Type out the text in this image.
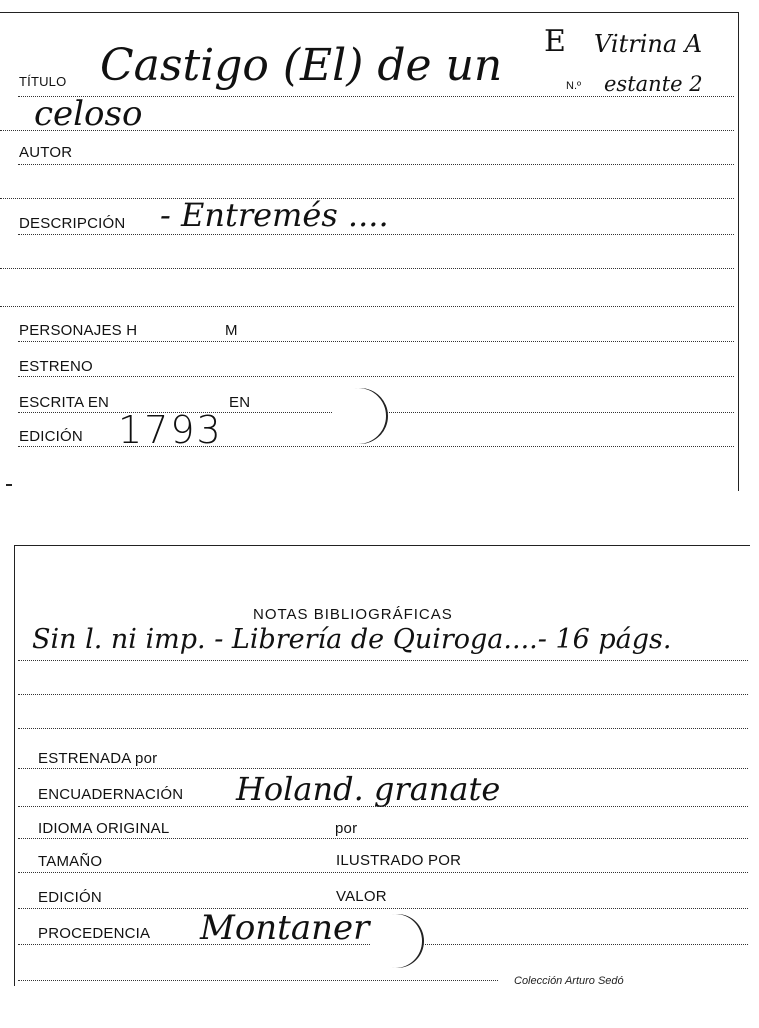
TÍTULO Castigo (El) de un	N.º
E Vitrina A
estante 2
celoso
AUTOR
DESCRIPCIÓN - Entremés ....
PERSONAJES H	M
ESTRENO
ESCRITA EN	EN
EDICIÓN 1793
NOTAS BIBLIOGRÁFICAS
Sin l. ni imp. - Librería de Quiroga....- 16 págs.
ESTRENADA por
ENCUADERNACIÓN Holand. granate
IDIOMA ORIGINAL	por
TAMAÑO	ILUSTRADO POR
EDICIÓN	VALOR
PROCEDENCIA Montaner
Colección Arturo Sedó
